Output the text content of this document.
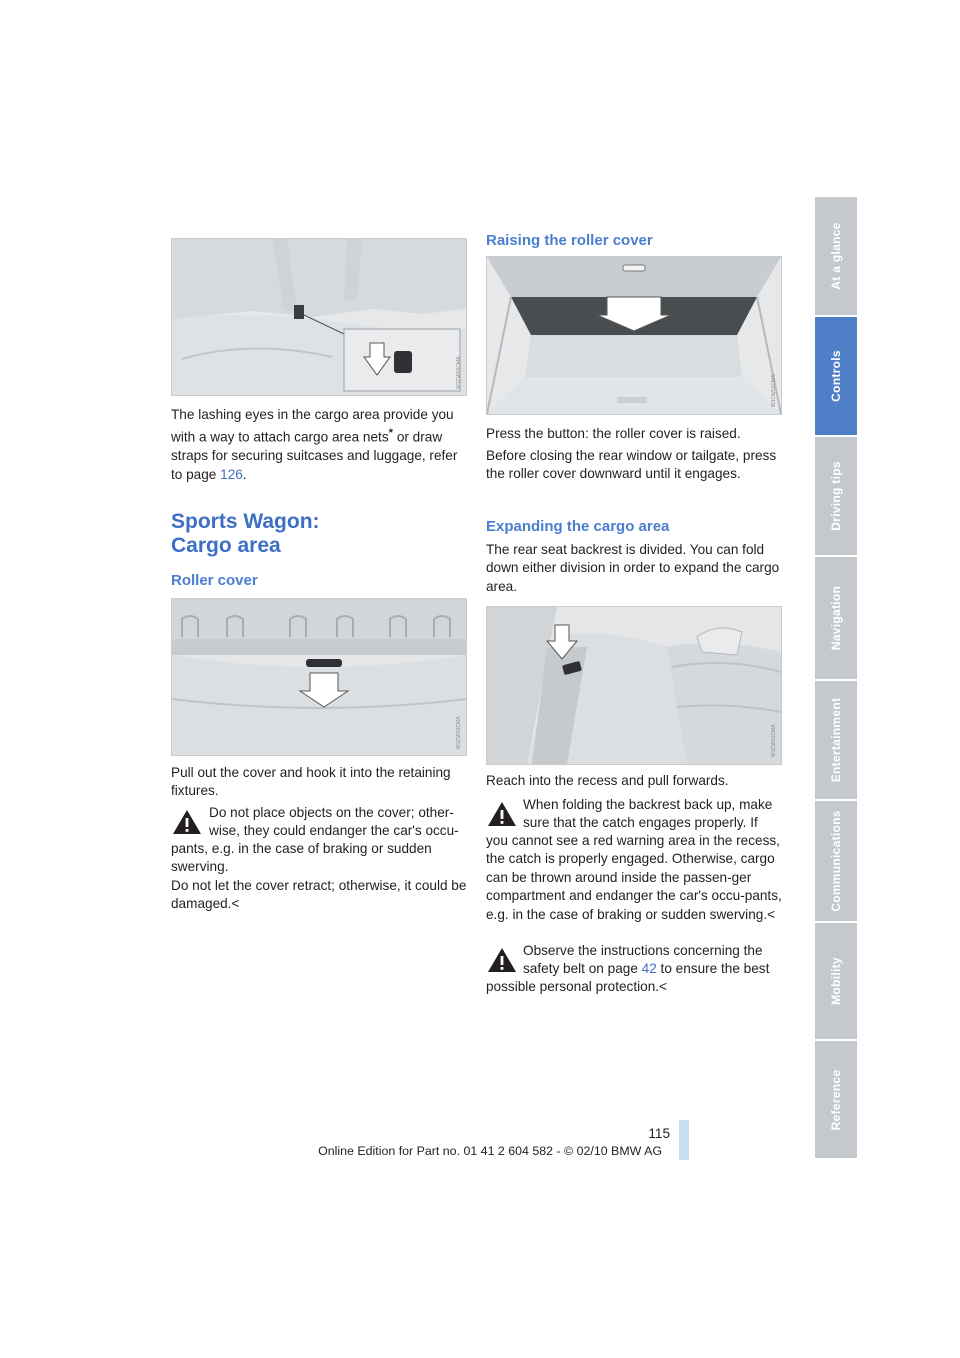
W1CW01CMA

The lashing eyes in the cargo area provide you with a way to attach cargo area nets* or draw straps for securing suitcases and luggage, refer to page 126.

Sports Wagon:

Cargo area

Roller cover

W1CW01CMA

Pull out the cover and hook it into the retaining fixtures.

Do not place objects on the cover; other-

wise, they could endanger the car's occu-

pants, e.g. in the case of braking or sudden swerving.

Do not let the cover retract; otherwise, it could be damaged.<

Raising the roller cover

W1CW01CMA

Press the button: the roller cover is raised.

Before closing the rear window or tailgate, press the roller cover downward until it engages.

Expanding the cargo area

The rear seat backrest is divided. You can fold down either division in order to expand the cargo area.

W1CW01CMA

Reach into the recess and pull forwards.

When folding the backrest back up, make

sure that the catch engages properly. If

you cannot see a red warning area in the recess, the catch is properly engaged. Otherwise, cargo can be thrown around inside the passen-ger compartment and endanger the car's occu-pants, e.g. in the case of braking or sudden swerving.<

Observe the instructions concerning the

safety belt on page 42 to ensure the best

possible personal protection.<

At a glance
Controls
Driving tips
Navigation
Entertainment
Communications
Mobility
Reference
115
Online Edition for Part no. 01 41 2 604 582 - © 02/10 BMW AG
